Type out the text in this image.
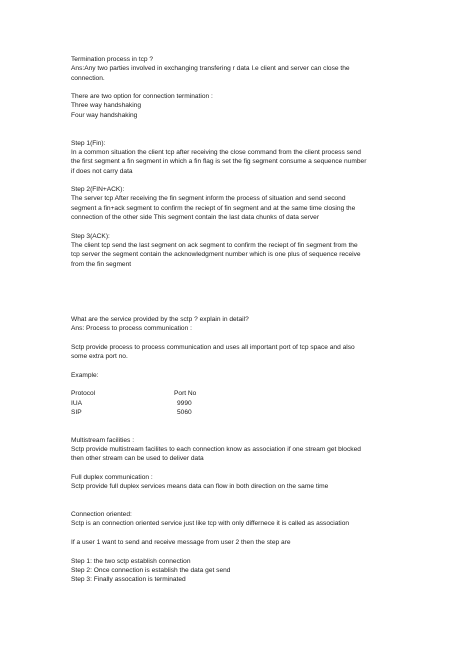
Termination process in tcp ?
Ans:Any two parties involved in exchanging transfering r data I.e client and server can close the
connection.
There are two option for connection termination :
Three way handshaking
Four way handshaking
Step 1(Fin):
In a common situation the client tcp after receiving the close command from the client process send
the first segment a fin segment in which a fin flag is set the fig segment consume a sequence number
if does not carry data
Step 2(FIN+ACK):
The server tcp After receiving the fin segment inform the process of situation and send second
segment a fin+ack segment to confirm the reciept of fin segment and at the same time closing the
connection of the other side This segment contain the last data chunks of data server
Step 3(ACK):
The client tcp send the last segment on ack segment to confirm the reciept of fin segment from the
tcp server the segment contain the acknowledgment number which is one plus of sequence receive
from the fin segment
What are the service provided by the sctp ? explain in detail?
Ans: Process to process communication :
Sctp provide process to process communication and uses all important port of tcp space and also
some extra port no.
Example:
Protocol	Port No
IUA	9990
SIP	5060
Multistream facilities :
Sctp provide multistream facilites to each connection know as association if one stream get blocked
then other stream can be used to deliver data
Full duplex communication :
Sctp provide full duplex services means data can flow in both direction on the same time
Connection oriented:
Sctp is an connection oriented service just like tcp with only differnece it is called as association
If a user 1 want to send and receive message from user 2 then the step are
Step 1: the two sctp establish connection
Step 2: Once connection is establish the data get send
Step 3: Finally assocation is terminated
